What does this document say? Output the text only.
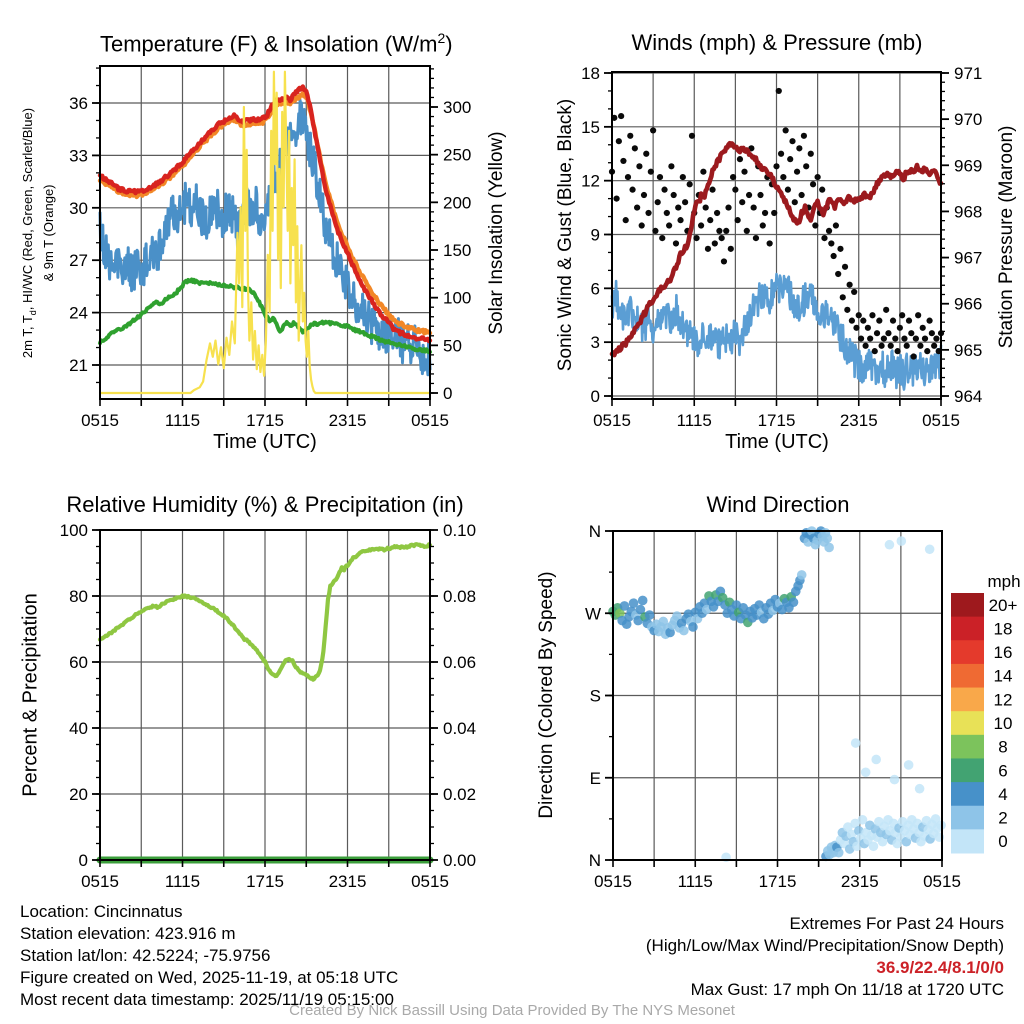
0515	1115	1715	2315	0515
21
24
27
30
33
36
0
50
100
150
200
250
300
0515	1115	1715	2315	0515
0
3
6
9
12
15
18
964
965
966
967
968
969
970
971
0515	1115	1715	2315	0515
0
20
40
60
80
100
0.00
0.02
0.04
0.06
0.08
0.10
0515	1115	1715	2315	0515
N
E
S
W
N
mph
20+
18
16
14
12
10
8
6
4
2
0
Temperature (F) & Insolation $(W/m^2)$	Winds (mph) & Pressure (mb)
Relative Humidity (%) & Precipitation (in)	Wind Direction
Time (UTC)	Time (UTC)
2m T, $T_d$, HI/WC (Red, Green, Scarlet/Blue) & 9m T (Orange)	Solar Insolation (Yellow)	Sonic Wind & Gust (Blue, Black)	Station Pressure (Maroon)
Percent & Precipitation	Direction (Colored By Speed)
Location: Cincinnatus
Station elevation: 423.916 m
Station lat/lon: 42.5224; -75.9756
Figure created on Wed, 2025-11-19, at 05:18 UTC
Most recent data timestamp: 2025/11/19 05:15:00
Extremes For Past 24 Hours
(High/Low/Max Wind/Precipitation/Snow Depth)
36.9/22.4/8.1/0/0
Max Gust: 17 mph On 11/18 at 1720 UTC
Created By Nick Bassill Using Data Provided By The NYS Mesonet
